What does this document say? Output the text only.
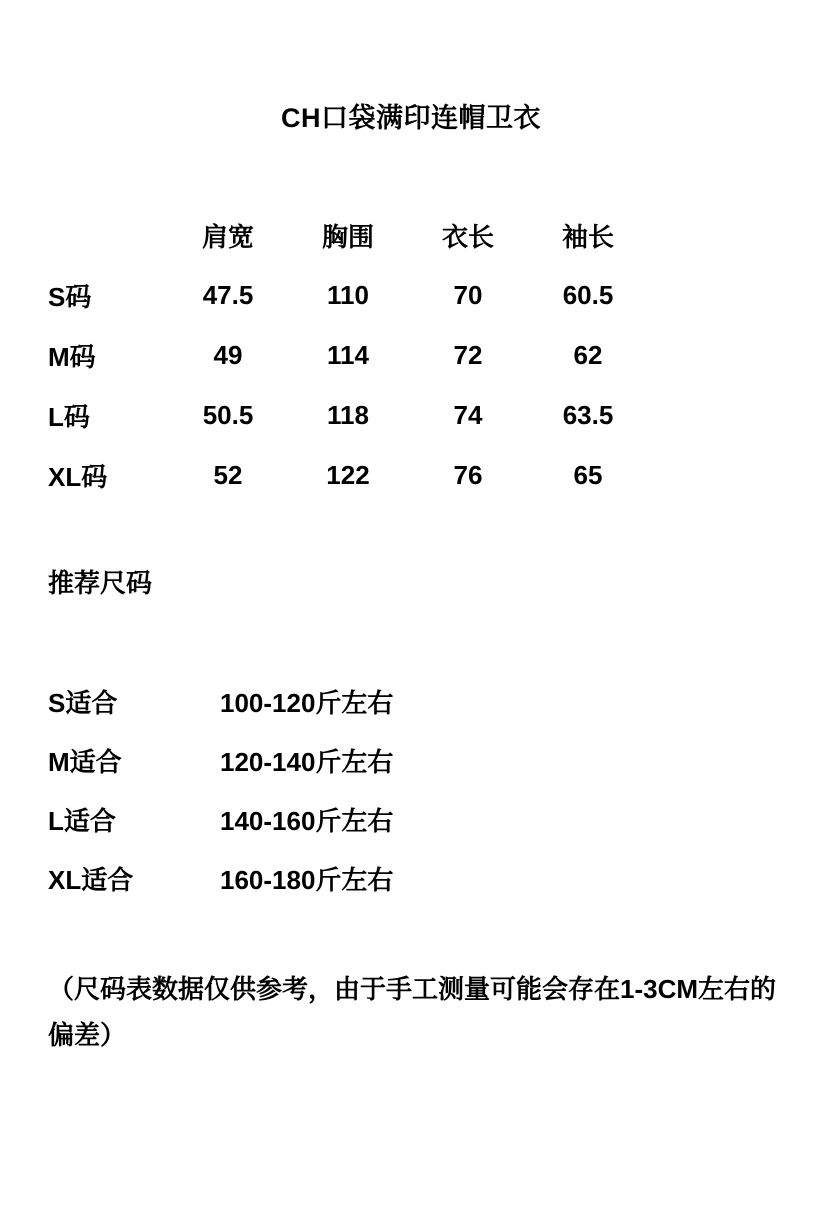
CH口袋满印连帽卫衣
	肩宽	胸围	衣长	袖长
S码	47.5	110	70	60.5
M码	49	114	72	62
L码	50.5	118	74	63.5
XL码	52	122	76	65
推荐尺码
S适合	100-120斤左右
M适合	120-140斤左右
L适合	140-160斤左右
XL适合	160-180斤左右
（尺码表数据仅供参考，由于手工测量可能会存在1-3CM左右的偏差）
